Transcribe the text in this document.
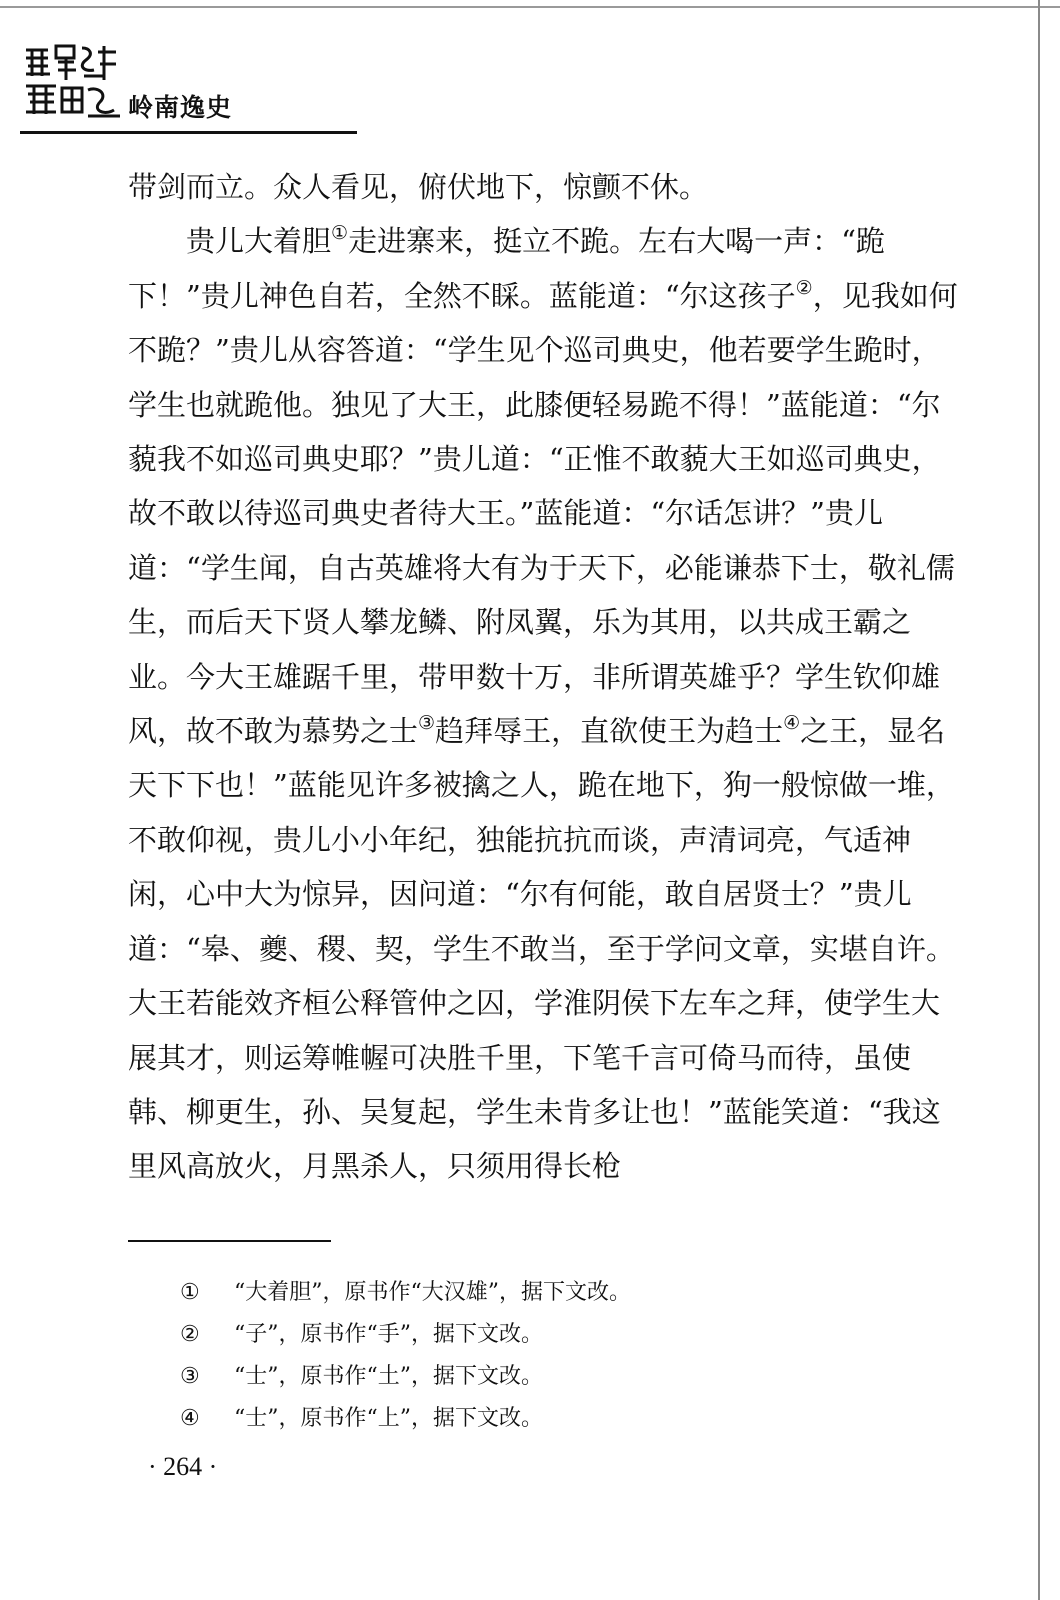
岭南逸史

带剑而立。众人看见，俯伏地下，惊颤不休。

贵儿大着胆①走进寨来，挺立不跪。左右大喝一声：“跪下！”贵儿神色自若，全然不睬。蓝能道：“尔这孩子②，见我如何不跪？”贵儿从容答道：“学生见个巡司典史，他若要学生跪时，学生也就跪他。独见了大王，此膝便轻易跪不得！”蓝能道：“尔藐我不如巡司典史耶？”贵儿道：“正惟不敢藐大王如巡司典史，故不敢以待巡司典史者待大王。”蓝能道：“尔话怎讲？”贵儿道：“学生闻，自古英雄将大有为于天下，必能谦恭下士，敬礼儒生，而后天下贤人攀龙鳞、附凤翼，乐为其用，以共成王霸之业。今大王雄踞千里，带甲数十万，非所谓英雄乎？学生钦仰雄风，故不敢为慕势之士③趋拜辱王，直欲使王为趋士④之王，显名天下下也！”蓝能见许多被擒之人，跪在地下，狗一般惊做一堆，不敢仰视，贵儿小小年纪，独能抗抗而谈，声清词亮，气适神闲，心中大为惊异，因问道：“尔有何能，敢自居贤士？”贵儿道：“皋、夔、稷、契，学生不敢当，至于学问文章，实堪自许。大王若能效齐桓公释管仲之囚，学淮阴侯下左车之拜，使学生大展其才，则运筹帷幄可决胜千里，下笔千言可倚马而待，虽使韩、柳更生，孙、吴复起，学生未肯多让也！”蓝能笑道：“我这里风高放火，月黑杀人，只须用得长枪

①	“大着胆”，原书作“大汉雄”，据下文改。
②	“子”，原书作“手”，据下文改。
③	“士”，原书作“土”，据下文改。
④	“士”，原书作“上”，据下文改。
· 264 ·
